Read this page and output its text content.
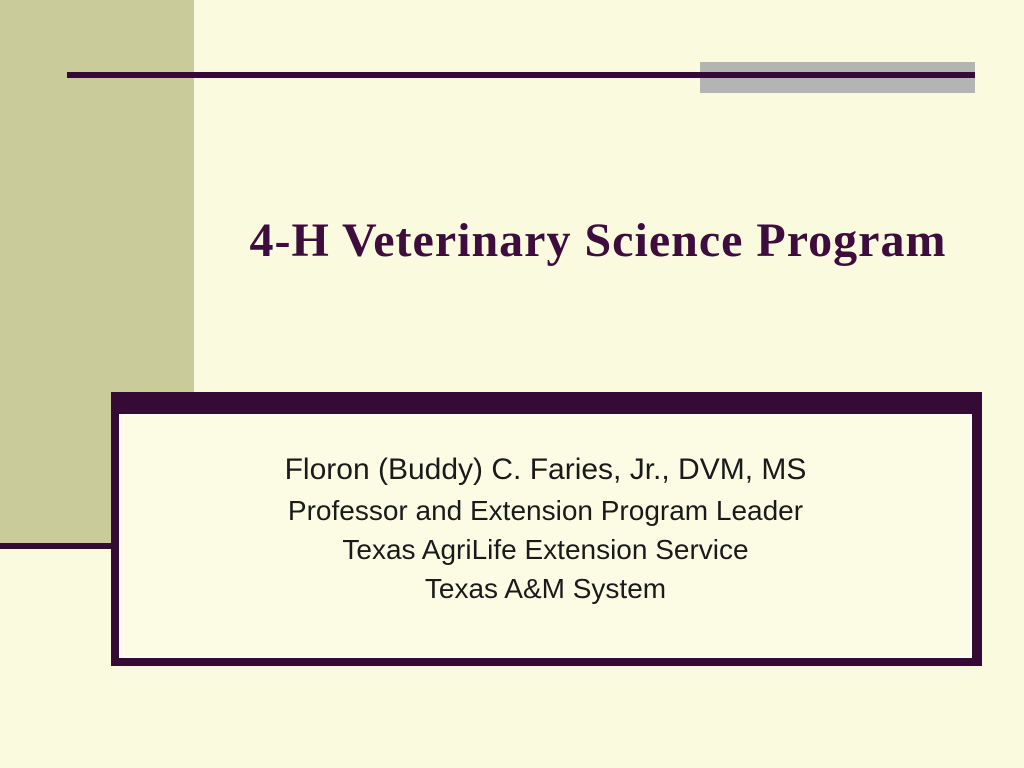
4-H Veterinary Science Program

Floron (Buddy) C. Faries, Jr., DVM, MS

Professor and Extension Program Leader

Texas AgriLife Extension Service

Texas A&M System
